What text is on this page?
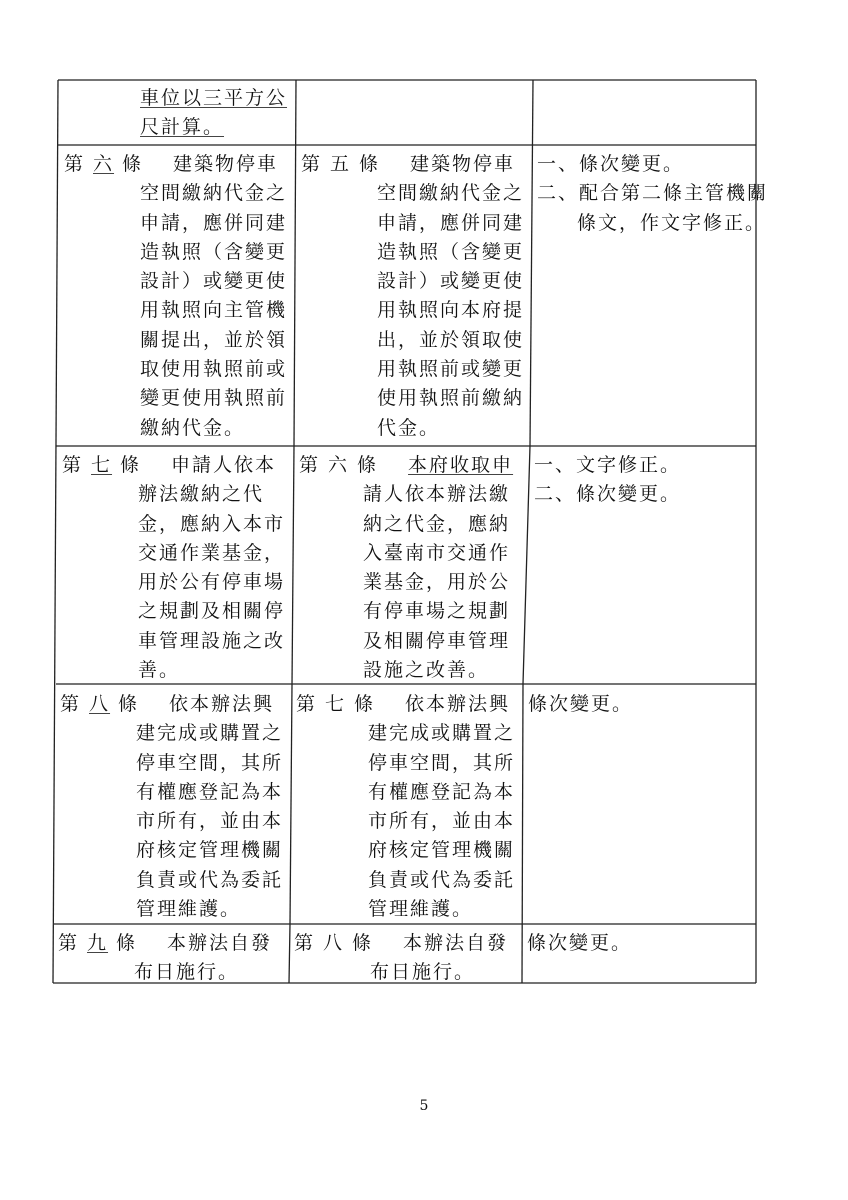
車位以三平方公
尺計算。
第 六 條 建築物停車
空間繳納代金之
申請，應併同建
造執照（含變更
設計）或變更使
用執照向主管機
關提出，並於領
取使用執照前或
變更使用執照前
繳納代金。
第 五 條 建築物停車
空間繳納代金之
申請，應併同建
造執照（含變更
設計）或變更使
用執照向本府提
出，並於領取使
用執照前或變更
使用執照前繳納
代金。
一、條次變更。
二、配合第二條主管機關
條文，作文字修正。
第 七 條 申請人依本
辦法繳納之代
金，應納入本市
交通作業基金，
用於公有停車場
之規劃及相關停
車管理設施之改
善。
第 六 條 本府收取申
請人依本辦法繳
納之代金，應納
入臺南市交通作
業基金，用於公
有停車場之規劃
及相關停車管理
設施之改善。
一、文字修正。
二、條次變更。
第 八 條 依本辦法興
建完成或購置之
停車空間，其所
有權應登記為本
市所有，並由本
府核定管理機關
負責或代為委託
管理維護。
第 七 條 依本辦法興
建完成或購置之
停車空間，其所
有權應登記為本
市所有，並由本
府核定管理機關
負責或代為委託
管理維護。
條次變更。
第 九 條 本辦法自發
布日施行。
第 八 條 本辦法自發
布日施行。
條次變更。
5
